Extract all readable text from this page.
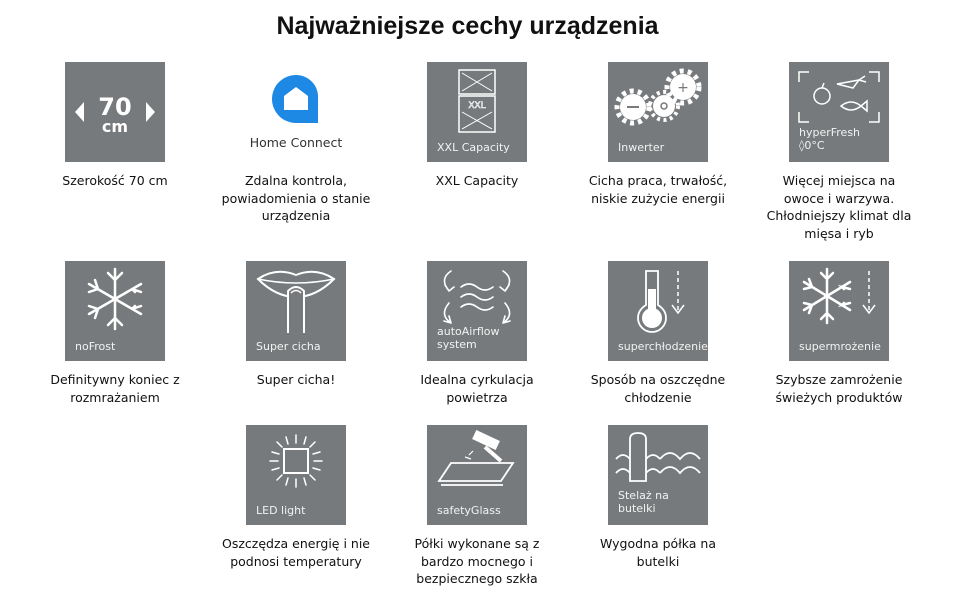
Najważniejsze cechy urządzenia
70
cm
Szerokość 70 cm
Home Connect
Zdalna kontrola, powiadomienia o stanie urządzenia
XXL
XXL Capacity
XXL Capacity
+
Inwerter
Cicha praca, trwałość, niskie zużycie energii
hyperFresh
◊0°C
Więcej miejsca na owoce i warzywa. Chłodniejszy klimat dla mięsa i ryb
noFrost
Definitywny koniec z rozmrażaniem
Super cicha
Super cicha!
autoAirflow
system
Idealna cyrkulacja powietrza
superchłodzenie
Sposób na oszczędne chłodzenie
supermrożenie
Szybsze zamrożenie świeżych produktów
LED light
Oszczędza energię i nie podnosi temperatury
safetyGlass
Półki wykonane są z bardzo mocnego i bezpiecznego szkła
Stelaż na
butelki
Wygodna półka na butelki
